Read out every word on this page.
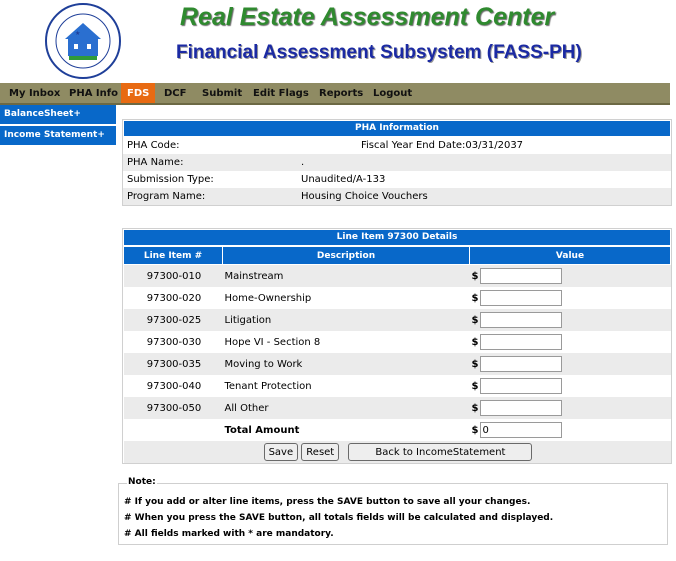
★
Real Estate Assessment Center
Financial Assessment Subsystem (FASS-PH)
My Inbox PHA Info FDS	DCF	Submit	Edit Flags	Reports Logout
BalanceSheet+
Income Statement+
PHA Information
PHA Code:	Fiscal Year End Date:03/31/2037
PHA Name:	.
Submission Type:	Unaudited/A-133
Program Name:	Housing Choice Vouchers
Line Item 97300 Details
Line Item #	Description	Value
97300-010	Mainstream	$
97300-020	Home-Ownership	$
97300-025	Litigation	$
97300-030	Hope VI - Section 8	$
97300-035	Moving to Work	$
97300-040	Tenant Protection	$
97300-050	All Other	$
	Total Amount	$0
Save Reset Back to IncomeStatement		
Note:
# If you add or alter line items, press the SAVE button to save all your changes.
# When you press the SAVE button, all totals fields will be calculated and displayed.
# All fields marked with * are mandatory.
